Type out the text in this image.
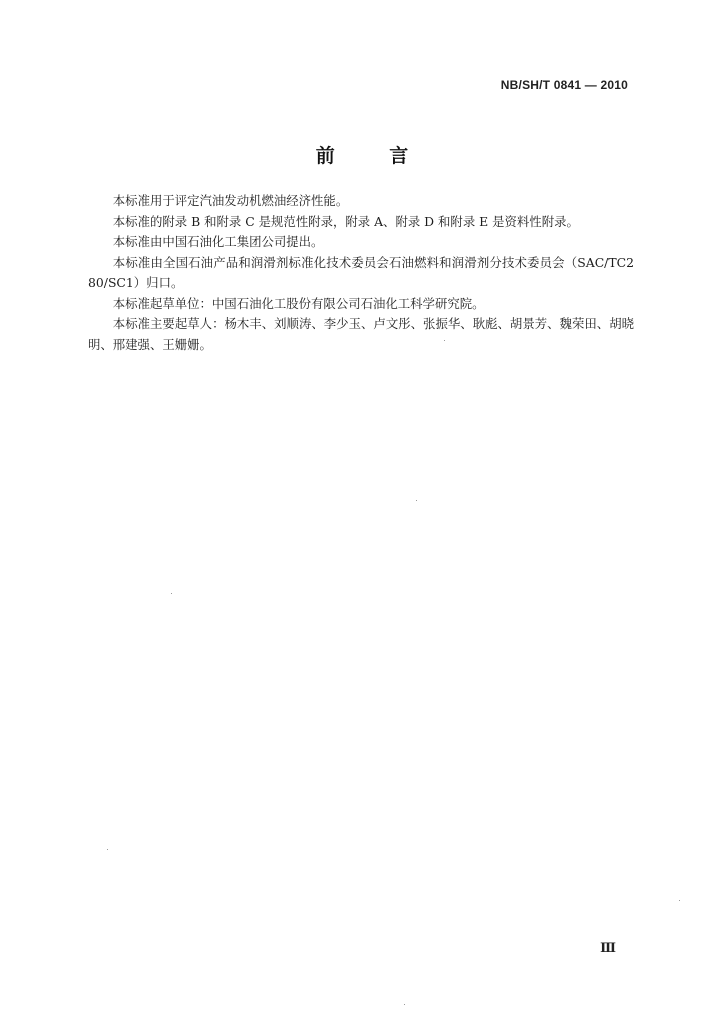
NB/SH/T 0841 — 2010
前 言

本标准用于评定汽油发动机燃油经济性能。

本标准的附录 B 和附录 C 是规范性附录，附录 A、附录 D 和附录 E 是资料性附录。

本标准由中国石油化工集团公司提出。

本标准由全国石油产品和润滑剂标准化技术委员会石油燃料和润滑剂分技术委员会（SAC/TC280/SC1）归口。

本标准起草单位：中国石油化工股份有限公司石油化工科学研究院。

本标准主要起草人：杨木丰、刘顺涛、李少玉、卢文彤、张振华、耿彪、胡景芳、魏荣田、胡晓明、邢建强、王姗姗。

Ⅲ
